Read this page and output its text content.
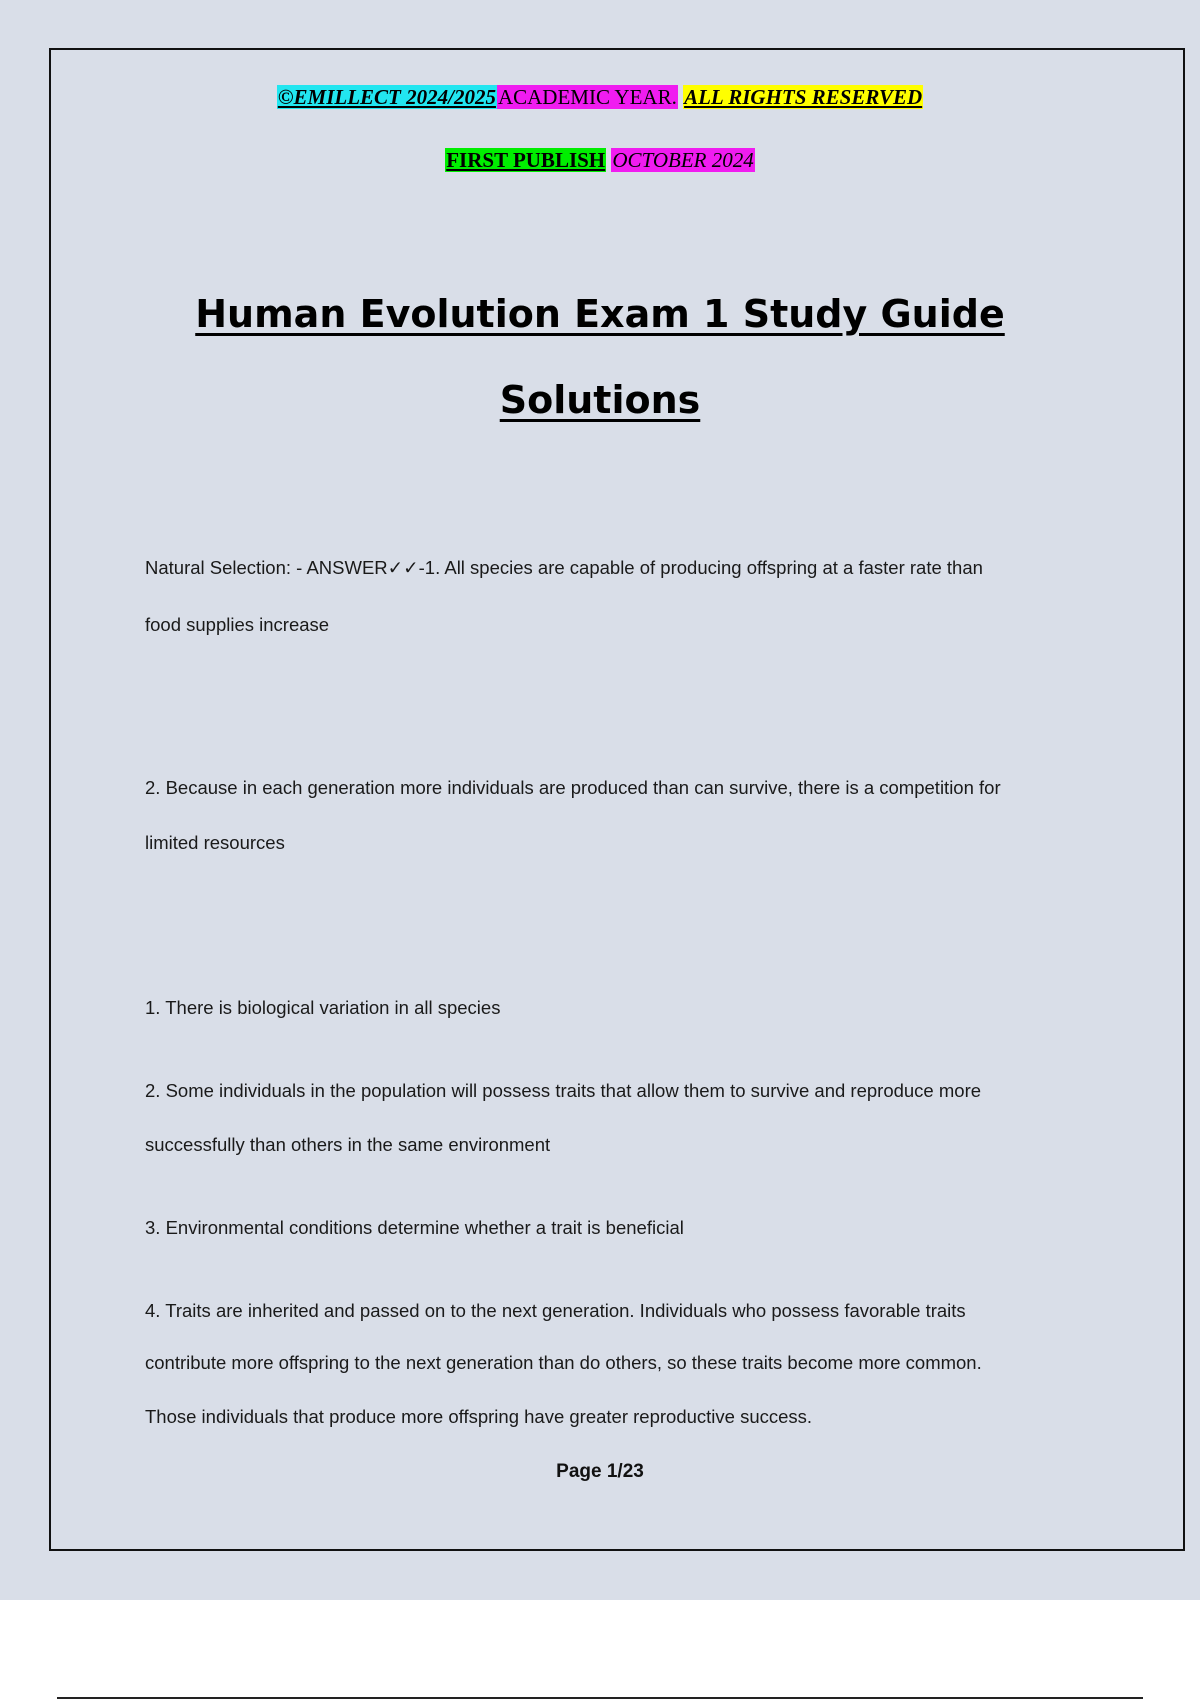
©EMILLECT 2024/2025ACADEMIC YEAR. ALL RIGHTS RESERVED
FIRST PUBLISH OCTOBER 2024
Human Evolution Exam 1 Study Guide
Solutions
Natural Selection: - ANSWER✓✓-1. All species are capable of producing offspring at a faster rate than
food supplies increase
2. Because in each generation more individuals are produced than can survive, there is a competition for
limited resources
1. There is biological variation in all species
2. Some individuals in the population will possess traits that allow them to survive and reproduce more
successfully than others in the same environment
3. Environmental conditions determine whether a trait is beneficial
4. Traits are inherited and passed on to the next generation. Individuals who possess favorable traits
contribute more offspring to the next generation than do others, so these traits become more common.
Those individuals that produce more offspring have greater reproductive success.
Page 1/23
